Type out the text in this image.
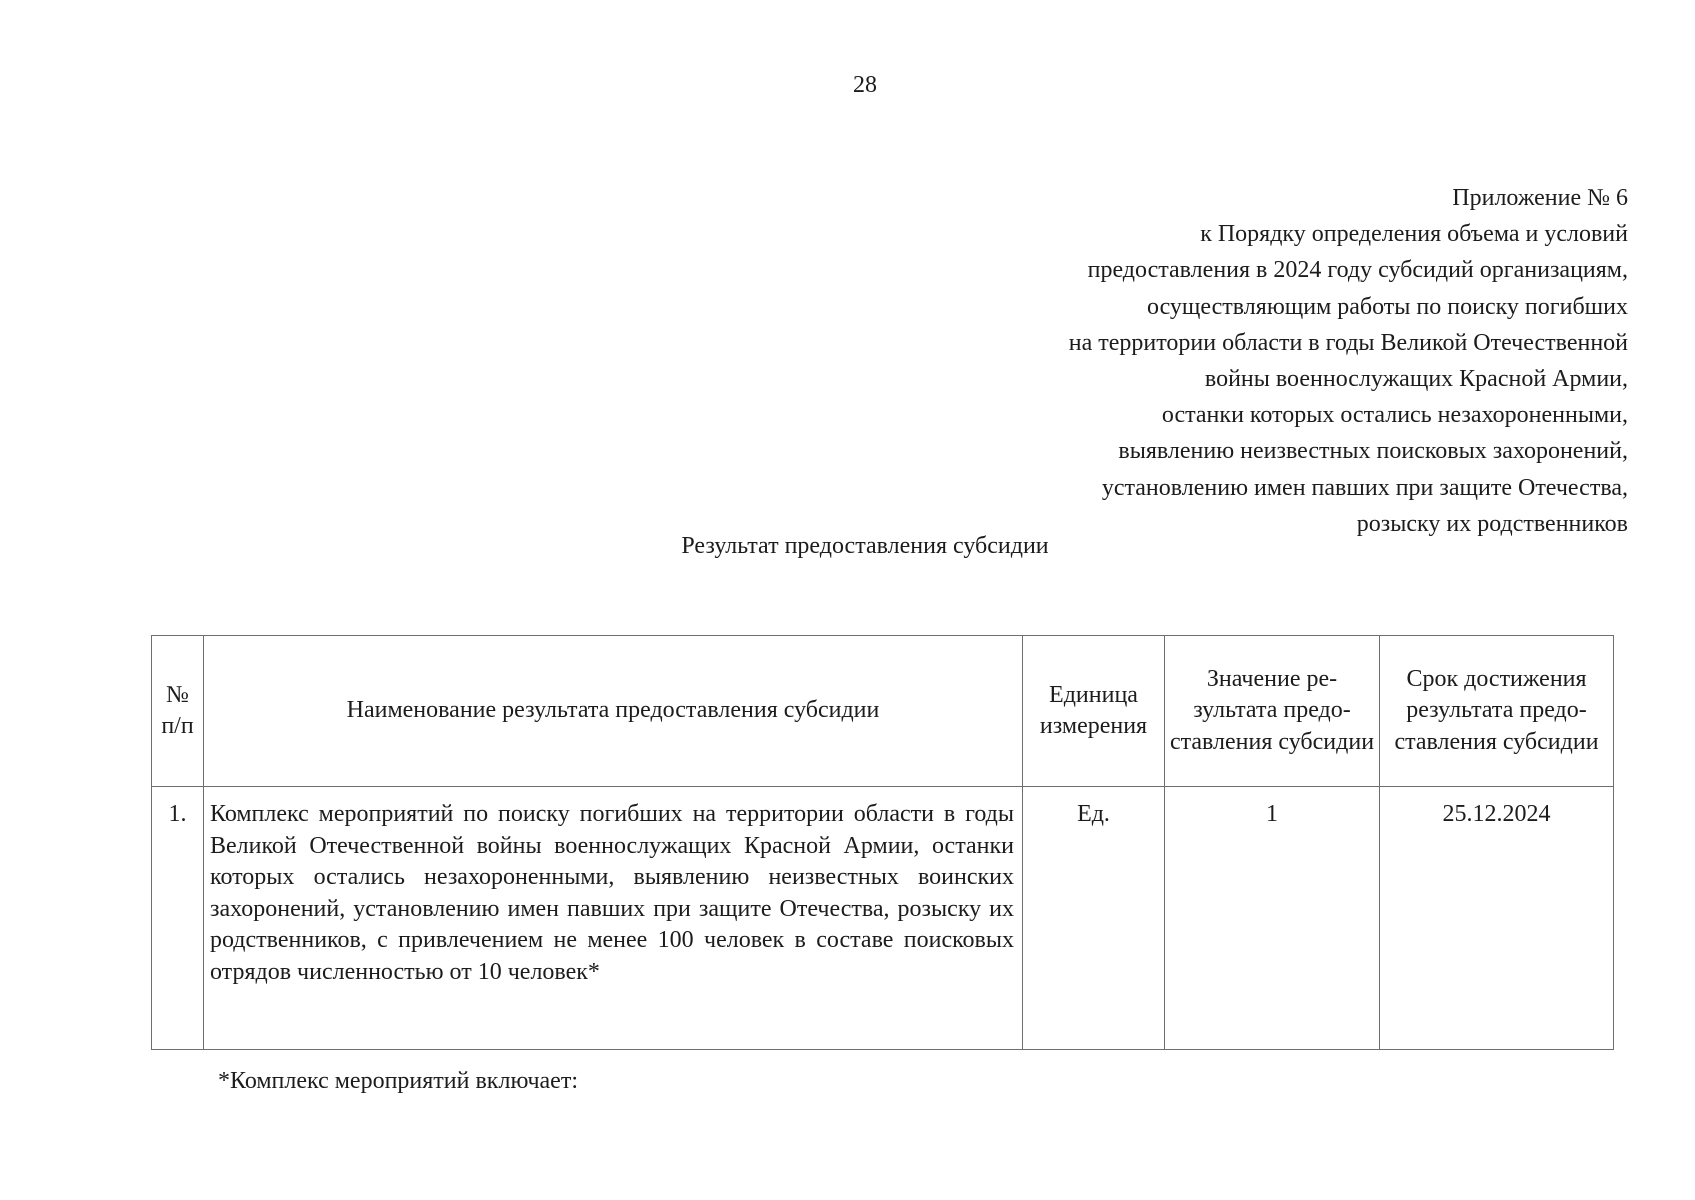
28
Приложение № 6
к Порядку определения объема и условий
предоставления в 2024 году субсидий организациям,
осуществляющим работы по поиску погибших
на территории области в годы Великой Отечественной
войны военнослужащих Красной Армии,
останки которых остались незахороненными,
выявлению неизвестных поисковых захоронений,
установлению имен павших при защите Отечества,
розыску их родственников
Результат предоставления субсидии
№ п/п	Наименование результата предоставления субсидии	Единица измерения	Значение результата предоставления субсидии	Срок достижения результата предоставления субсидии
1.	Комплекс мероприятий по поиску погибших на территории области в годы Великой Отечественной войны военнослужащих Красной Армии, останки которых остались незахороненными, выявлению неизвестных воинских захоронений, установлению имен павших при защите Отечества, розыску их родственников, с привлечением не менее 100 человек в составе поисковых отрядов численностью от 10 человек*	Ед.	1	25.12.2024
*Комплекс мероприятий включает:
